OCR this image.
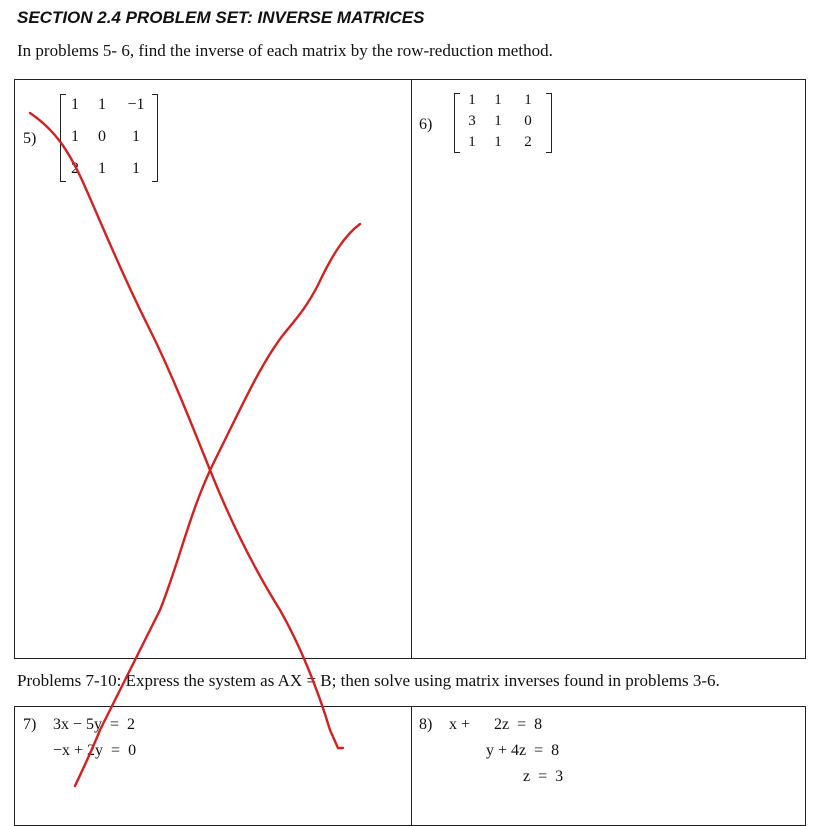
SECTION 2.4 PROBLEM SET: INVERSE MATRICES
In problems 5- 6, find the inverse of each matrix by the row-reduction method.
5)
1	1	−1
1	0	1
2	1	1
6)
1	1	1
3	1	0
1	1	2
Problems 7-10: Express the system as AX = B; then solve using matrix inverses found in problems 3-6.
7) 3x − 5y  =  2
−x + 2y  =  0
8) x +      2z  =  8
y + 4z  =  8
z  =  3
